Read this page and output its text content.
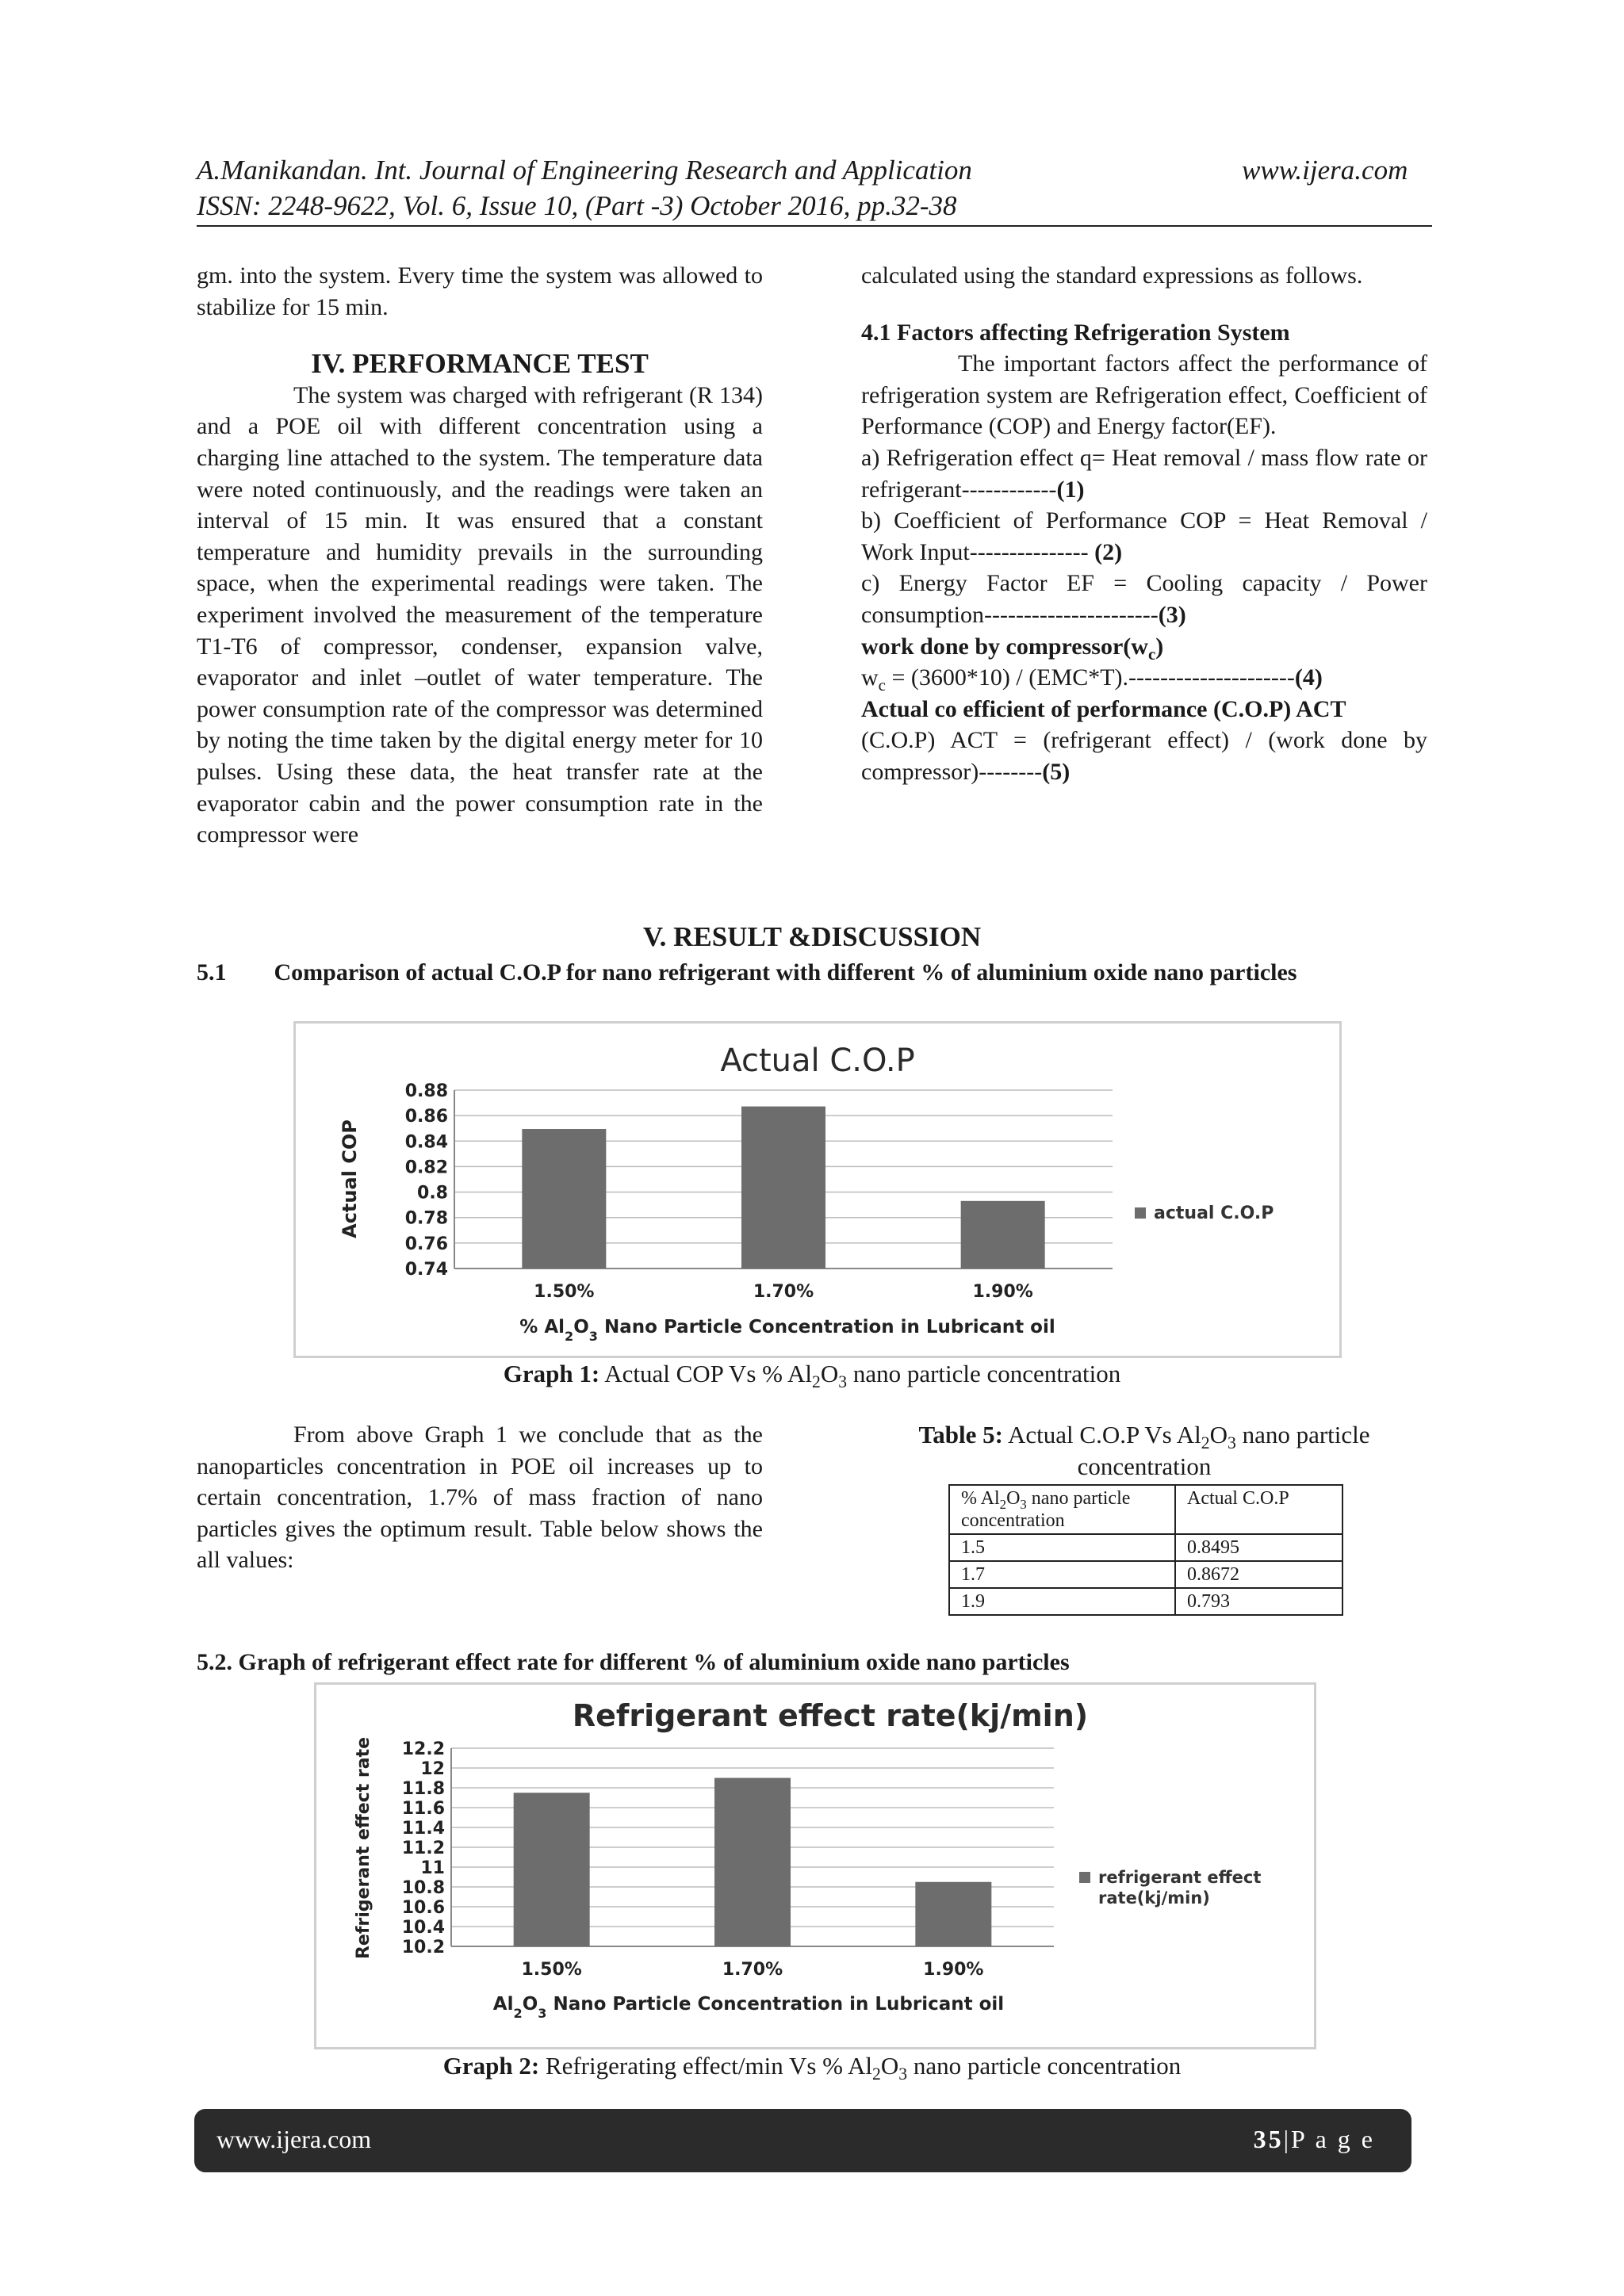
A.Manikandan. Int. Journal of Engineering Research and Application	www.ijera.com
ISSN: 2248-9622, Vol. 6, Issue 10, (Part -3) October 2016, pp.32-38

gm. into the system. Every time the system was allowed to stabilize for 15 min.

IV. PERFORMANCE TEST

The system was charged with refrigerant (R 134) and a POE oil with different concentration using a charging line attached to the system. The temperature data were noted continuously, and the readings were taken an interval of 15 min. It was ensured that a constant temperature and humidity prevails in the surrounding space, when the experimental readings were taken. The experiment involved the measurement of the temperature T1-T6 of compressor, condenser, expansion valve, evaporator and inlet –outlet of water temperature. The power consumption rate of the compressor was determined by noting the time taken by the digital energy meter for 10 pulses. Using these data, the heat transfer rate at the evaporator cabin and the power consumption rate in the compressor were

calculated using the standard expressions as follows.

4.1 Factors affecting Refrigeration System

The important factors affect the performance of refrigeration system are Refrigeration effect, Coefficient of Performance (COP) and Energy factor(EF).

a) Refrigeration effect q= Heat removal / mass flow rate or refrigerant------------(1)

b) Coefficient of Performance COP = Heat Removal / Work Input--------------- (2)

c) Energy Factor EF = Cooling capacity / Power consumption----------------------(3)

work done by $compressor(w_c)$

$w_c = (3600*10) / (EMC*T).---------------------(4)$

Actual co efficient of performance (C.O.P) ACT

(C.O.P) ACT = (refrigerant effect) / (work done by compressor)--------(5)

V. RESULT &DISCUSSION
5.1 Comparison of actual C.O.P for nano refrigerant with different % of aluminium oxide nano particles
Actual C.O.P
0.88
0.86
0.84
0.82
0.8
0.78
0.76
0.74
1.50%	1.70%	1.90%
Actual COP
% $Al_2O_3$ Nano Particle Concentration in Lubricant oil
actual C.O.P
Graph 1: Actual COP Vs % $Al_2O_3$ nano particle concentration

From above Graph 1 we conclude that as the nanoparticles concentration in POE oil increases up to certain concentration, 1.7% of mass fraction of nano particles gives the optimum result. Table below shows the all values:

Table 5: Actual C.O.P Vs $Al_2O_3$ nano particle concentration
% $Al_2O_3$ nano particle concentration	Actual C.O.P
1.5	0.8495
1.7	0.8672
1.9	0.793
5.2. Graph of refrigerant effect rate for different % of aluminium oxide nano particles
Refrigerant effect rate(kj/min)
12.2
12
11.8
11.6
11.4
11.2
11
10.8
10.6
10.4
10.2
1.50%	1.70%	1.90%
Refrigerant effect rate
$Al_2O_3$ Nano Particle Concentration in Lubricant oil
refrigerant effect
rate(kj/min)
Graph 2: Refrigerating effect/min Vs % $Al_2O_3$ nano particle concentration
www.ijera.com	35|P a g e
